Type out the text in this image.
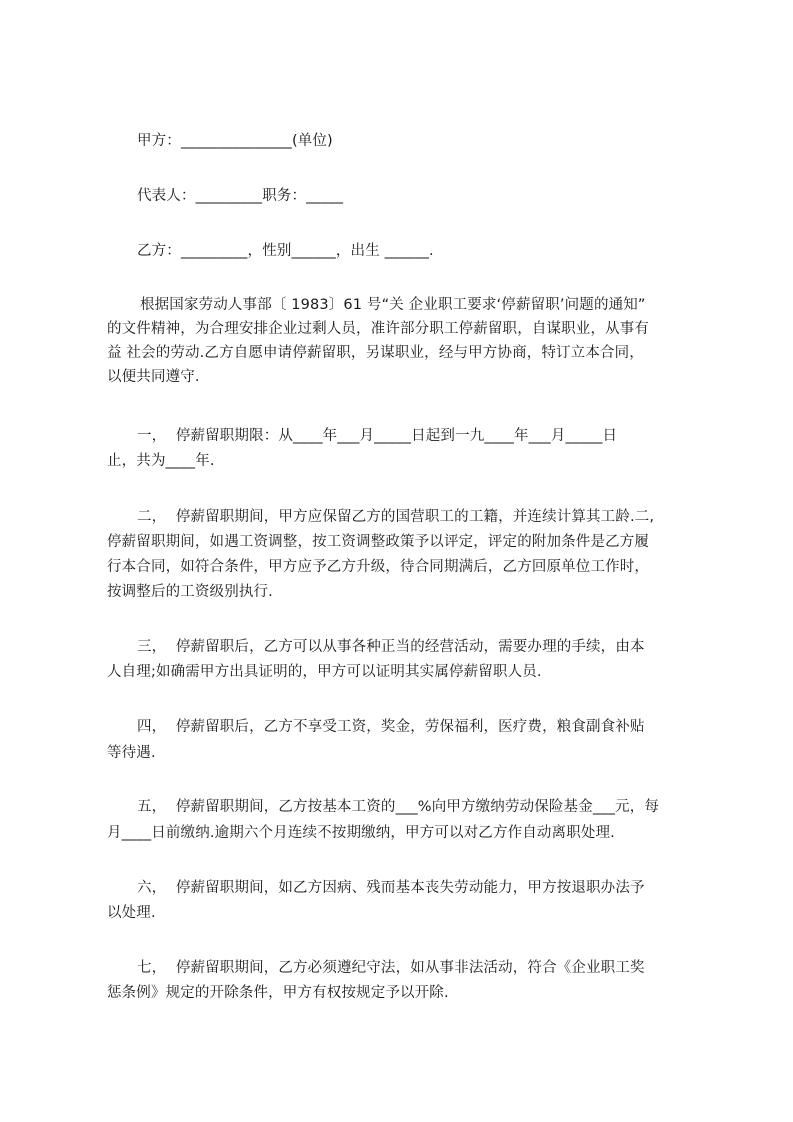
甲方：_______________(单位)
代表人：_________职务：_____
乙方：_________，性别______，出生 ______.
根据国家劳动人事部〔 1983〕61 号“关 企业职工要求‘停薪留职’问题的通知”
的文件精神，为合理安排企业过剩人员，准许部分职工停薪留职，自谋职业，从事有
益 社会的劳动.乙方自愿申请停薪留职，另谋职业，经与甲方协商，特订立本合同，
以便共同遵守.
一，  停薪留职期限：从____年___月_____日起到一九____年___月_____日
止，共为____年.
二，  停薪留职期间，甲方应保留乙方的国营职工的工籍，并连续计算其工龄.二,
停薪留职期间，如遇工资调整，按工资调整政策予以评定，评定的附加条件是乙方履
行本合同，如符合条件，甲方应予乙方升级，待合同期满后，乙方回原单位工作时，
按调整后的工资级别执行.
三，  停薪留职后，乙方可以从事各种正当的经营活动，需要办理的手续，由本
人自理;如确需甲方出具证明的，甲方可以证明其实属停薪留职人员.
四，  停薪留职后，乙方不享受工资，奖金，劳保福利，医疗费，粮食副食补贴
等待遇.
五，  停薪留职期间，乙方按基本工资的___%向甲方缴纳劳动保险基金___元，每
月____日前缴纳.逾期六个月连续不按期缴纳，甲方可以对乙方作自动离职处理.
六，  停薪留职期间，如乙方因病、残而基本丧失劳动能力，甲方按退职办法予
以处理.
七，  停薪留职期间，乙方必须遵纪守法，如从事非法活动，符合《企业职工奖
惩条例》规定的开除条件，甲方有权按规定予以开除.
